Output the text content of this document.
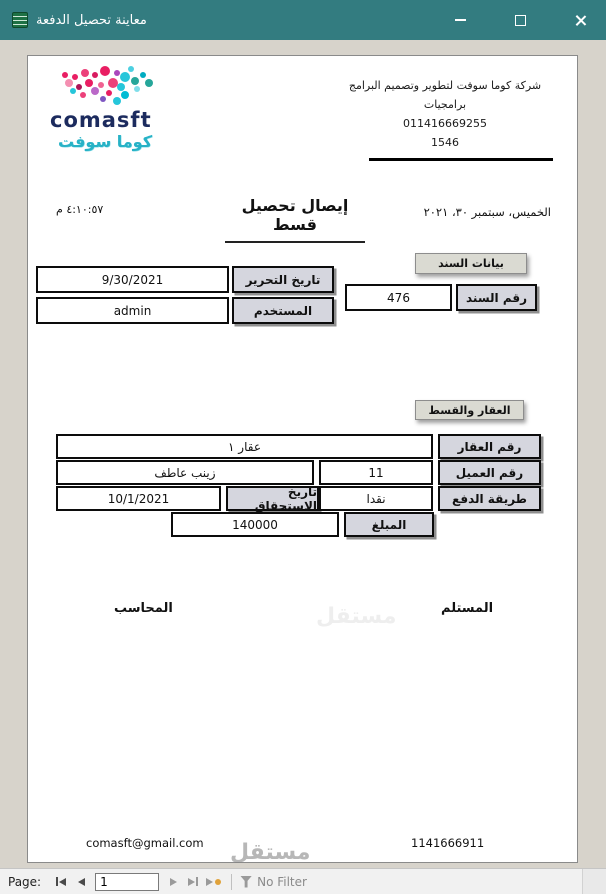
معاينة تحصيل الدفعة
comasft
كوما سوفت
شركة كوما سوفت لتطوير وتصميم البرامج
برامجيات
011416669255
1546
٤:١٠:٥٧ م	إيصال تحصيل قسط
الخميس، سبتمبر ٣٠، ٢٠٢١
بيانات السند
9/30/2021	تاريخ التحرير
476	رقم السند
admin	المستخدم
العقار والقسط
عقار ١	رقم العقار
زينب عاطف	11	رقم العميل
10/1/2021	تاريخ الاستحقاق	نقدا	طريقة الدفع
140000	المبلغ
المستلم
المحاسب
comasft@gmail.com	1141666911
مستقل
مستقل
Page:
1	No Filter
